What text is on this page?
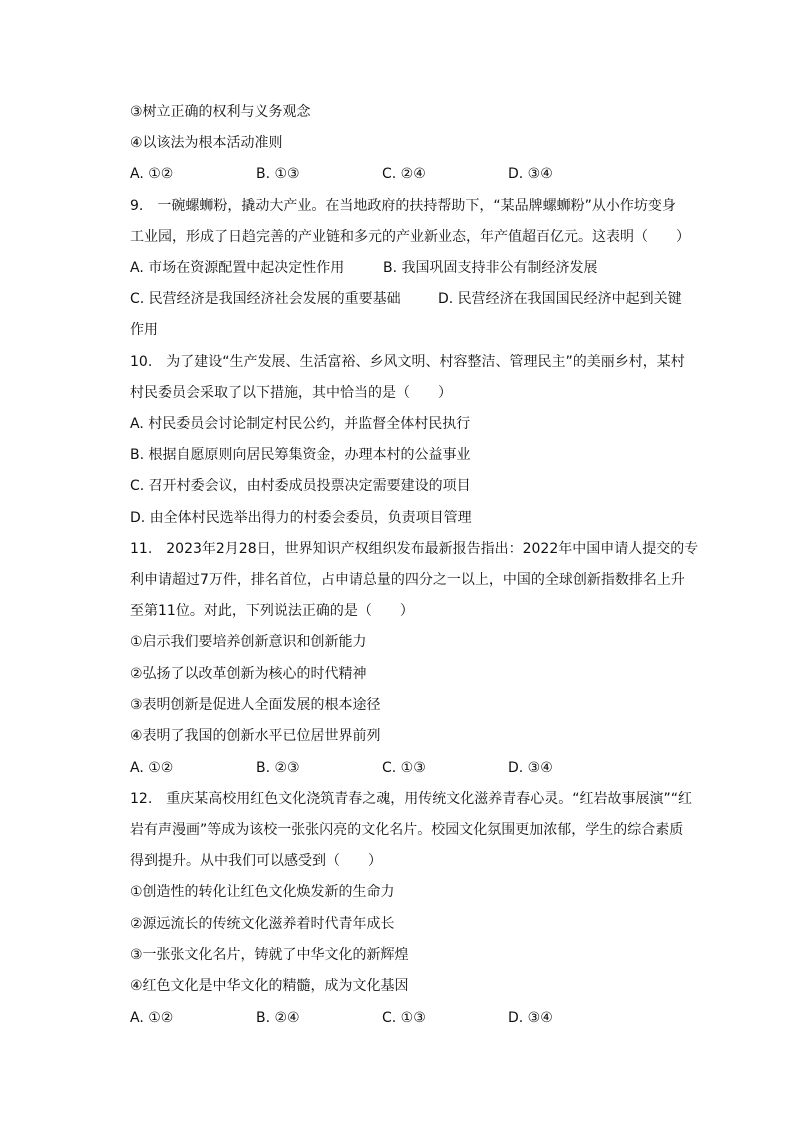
③树立正确的权利与义务观念
④以该法为根本活动准则
A. ①②	B. ①③	C. ②④	D. ③④
9.　一碗螺蛳粉，撬动大产业。在当地政府的扶持帮助下，“某品牌螺蛳粉”从小作坊变身
工业园，形成了日趋完善的产业链和多元的产业新业态，年产值超百亿元。这表明（　　）
A. 市场在资源配置中起决定性作用	B. 我国巩固支持非公有制经济发展
C. 民营经济是我国经济社会发展的重要基础	D. 民营经济在我国国民经济中起到关键
作用
10.　为了建设“生产发展、生活富裕、乡风文明、村容整洁、管理民主”的美丽乡村，某村
村民委员会采取了以下措施，其中恰当的是（　　）
A. 村民委员会讨论制定村民公约，并监督全体村民执行
B. 根据自愿原则向居民筹集资金，办理本村的公益事业
C. 召开村委会议，由村委成员投票决定需要建设的项目
D. 由全体村民选举出得力的村委会委员，负责项目管理
11.　2023年2月28日，世界知识产权组织发布最新报告指出：2022年中国申请人提交的专
利申请超过7万件，排名首位，占申请总量的四分之一以上，中国的全球创新指数排名上升
至第11位。对此，下列说法正确的是（　　）
①启示我们要培养创新意识和创新能力
②弘扬了以改革创新为核心的时代精神
③表明创新是促进人全面发展的根本途径
④表明了我国的创新水平已位居世界前列
A. ①②	B. ②③	C. ①③	D. ③④
12.　重庆某高校用红色文化浇筑青春之魂，用传统文化滋养青春心灵。“红岩故事展演”“红
岩有声漫画”等成为该校一张张闪亮的文化名片。校园文化氛围更加浓郁，学生的综合素质
得到提升。从中我们可以感受到（　　）
①创造性的转化让红色文化焕发新的生命力
②源远流长的传统文化滋养着时代青年成长
③一张张文化名片，铸就了中华文化的新辉煌
④红色文化是中华文化的精髓，成为文化基因
A. ①②	B. ②④	C. ①③	D. ③④
